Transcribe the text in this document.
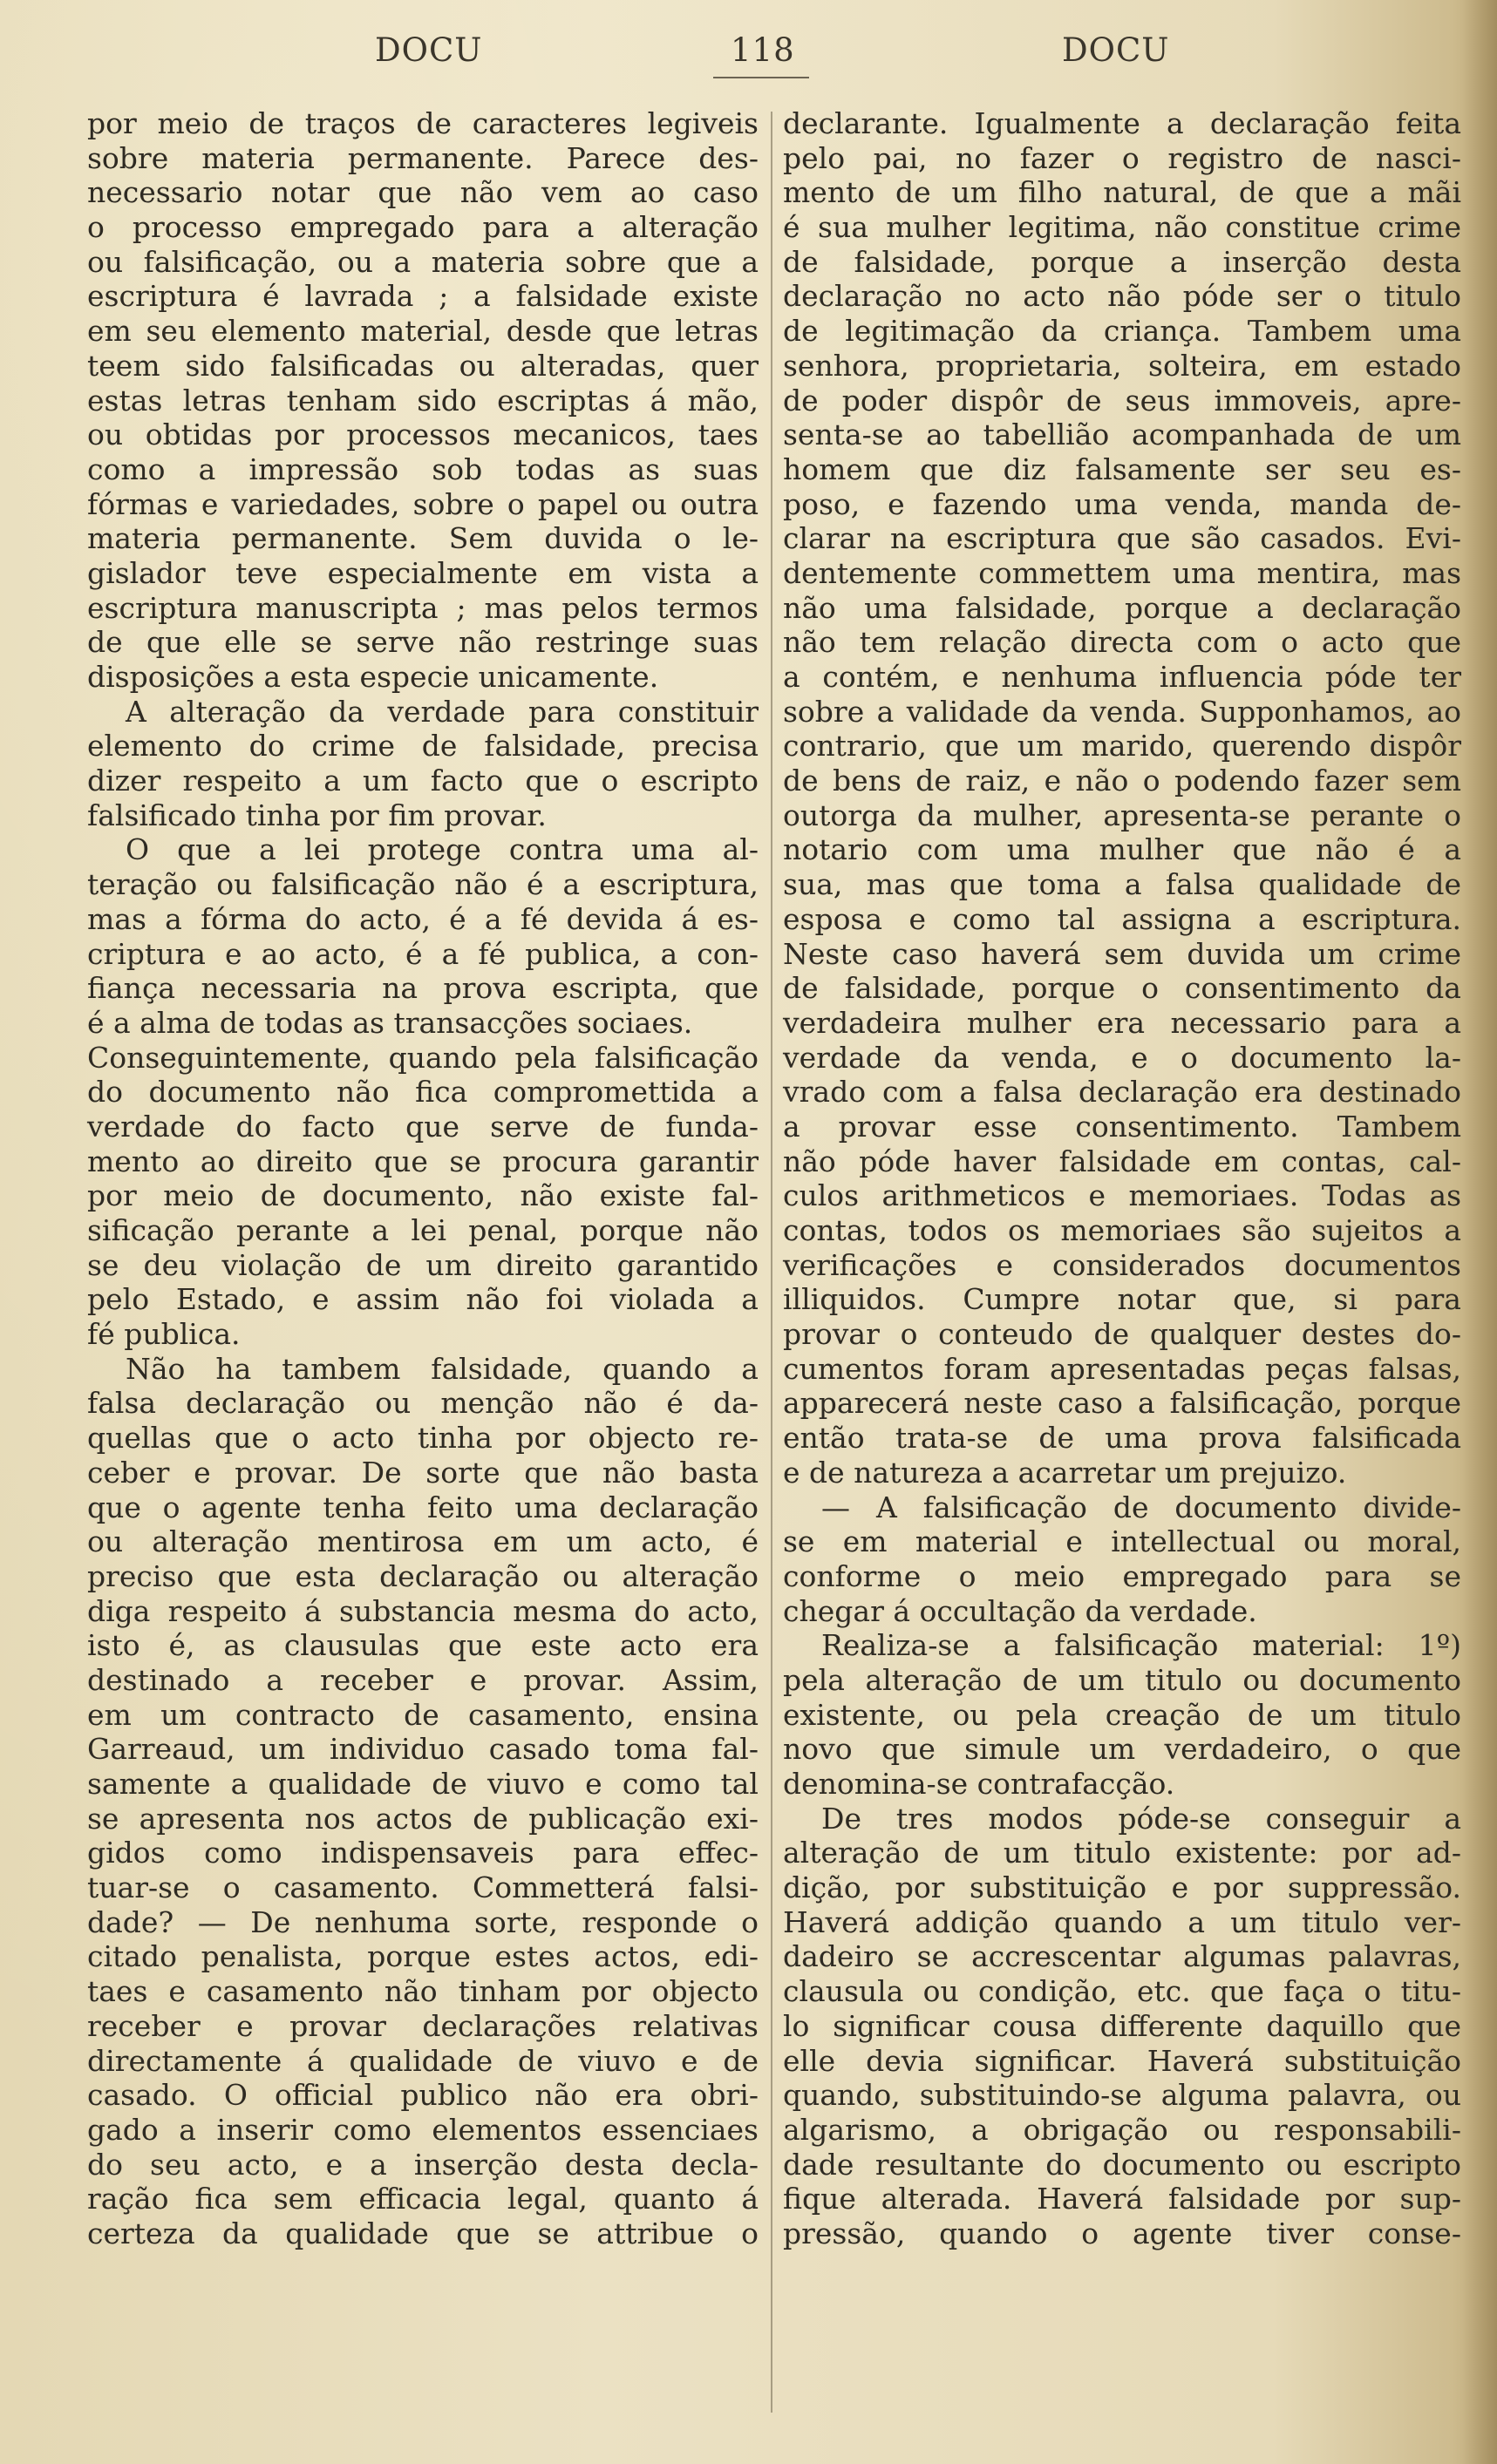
DOCU	118	DOCU
por meio de traços de caracteres legiveis
sobre materia permanente. Parece des-
necessario notar que não vem ao caso
o processo empregado para a alteração
ou falsificação, ou a materia sobre que a
escriptura é lavrada ; a falsidade existe
em seu elemento material, desde que letras
teem sido falsificadas ou alteradas, quer
estas letras tenham sido escriptas á mão,
ou obtidas por processos mecanicos, taes
como a impressão sob todas as suas
fórmas e variedades, sobre o papel ou outra
materia permanente. Sem duvida o le-
gislador teve especialmente em vista a
escriptura manuscripta ; mas pelos termos
de que elle se serve não restringe suas
disposições a esta especie unicamente.
A alteração da verdade para constituir
elemento do crime de falsidade, precisa
dizer respeito a um facto que o escripto
falsificado tinha por fim provar.
O que a lei protege contra uma al-
teração ou falsificação não é a escriptura,
mas a fórma do acto, é a fé devida á es-
criptura e ao acto, é a fé publica, a con-
fiança necessaria na prova escripta, que
é a alma de todas as transacções sociaes.
Conseguintemente, quando pela falsificação
do documento não fica compromettida a
verdade do facto que serve de funda-
mento ao direito que se procura garantir
por meio de documento, não existe fal-
sificação perante a lei penal, porque não
se deu violação de um direito garantido
pelo Estado, e assim não foi violada a
fé publica.
Não ha tambem falsidade, quando a
falsa declaração ou menção não é da-
quellas que o acto tinha por objecto re-
ceber e provar. De sorte que não basta
que o agente tenha feito uma declaração
ou alteração mentirosa em um acto, é
preciso que esta declaração ou alteração
diga respeito á substancia mesma do acto,
isto é, as clausulas que este acto era
destinado a receber e provar. Assim,
em um contracto de casamento, ensina
Garreaud, um individuo casado toma fal-
samente a qualidade de viuvo e como tal
se apresenta nos actos de publicação exi-
gidos como indispensaveis para effec-
tuar-se o casamento. Commetterá falsi-
dade? — De nenhuma sorte, responde o
citado penalista, porque estes actos, edi-
taes e casamento não tinham por objecto
receber e provar declarações relativas
directamente á qualidade de viuvo e de
casado. O official publico não era obri-
gado a inserir como elementos essenciaes
do seu acto, e a inserção desta decla-
ração fica sem efficacia legal, quanto á
certeza da qualidade que se attribue o
declarante. Igualmente a declaração feita
pelo pai, no fazer o registro de nasci-
mento de um filho natural, de que a mãi
é sua mulher legitima, não constitue crime
de falsidade, porque a inserção desta
declaração no acto não póde ser o titulo
de legitimação da criança. Tambem uma
senhora, proprietaria, solteira, em estado
de poder dispôr de seus immoveis, apre-
senta-se ao tabellião acompanhada de um
homem que diz falsamente ser seu es-
poso, e fazendo uma venda, manda de-
clarar na escriptura que são casados. Evi-
dentemente commettem uma mentira, mas
não uma falsidade, porque a declaração
não tem relação directa com o acto que
a contém, e nenhuma influencia póde ter
sobre a validade da venda. Supponhamos, ao
contrario, que um marido, querendo dispôr
de bens de raiz, e não o podendo fazer sem
outorga da mulher, apresenta-se perante o
notario com uma mulher que não é a
sua, mas que toma a falsa qualidade de
esposa e como tal assigna a escriptura.
Neste caso haverá sem duvida um crime
de falsidade, porque o consentimento da
verdadeira mulher era necessario para a
verdade da venda, e o documento la-
vrado com a falsa declaração era destinado
a provar esse consentimento. Tambem
não póde haver falsidade em contas, cal-
culos arithmeticos e memoriaes. Todas as
contas, todos os memoriaes são sujeitos a
verificações e considerados documentos
illiquidos. Cumpre notar que, si para
provar o conteudo de qualquer destes do-
cumentos foram apresentadas peças falsas,
apparecerá neste caso a falsificação, porque
então trata-se de uma prova falsificada
e de natureza a acarretar um prejuizo.
— A falsificação de documento divide-
se em material e intellectual ou moral,
conforme o meio empregado para se
chegar á occultação da verdade.
Realiza-se a falsificação material: 1º)
pela alteração de um titulo ou documento
existente, ou pela creação de um titulo
novo que simule um verdadeiro, o que
denomina-se contrafacção.
De tres modos póde-se conseguir a
alteração de um titulo existente: por ad-
dição, por substituição e por suppressão.
Haverá addição quando a um titulo ver-
dadeiro se accrescentar algumas palavras,
clausula ou condição, etc. que faça o titu-
lo significar cousa differente daquillo que
elle devia significar. Haverá substituição
quando, substituindo-se alguma palavra, ou
algarismo, a obrigação ou responsabili-
dade resultante do documento ou escripto
fique alterada. Haverá falsidade por sup-
pressão, quando o agente tiver conse-
